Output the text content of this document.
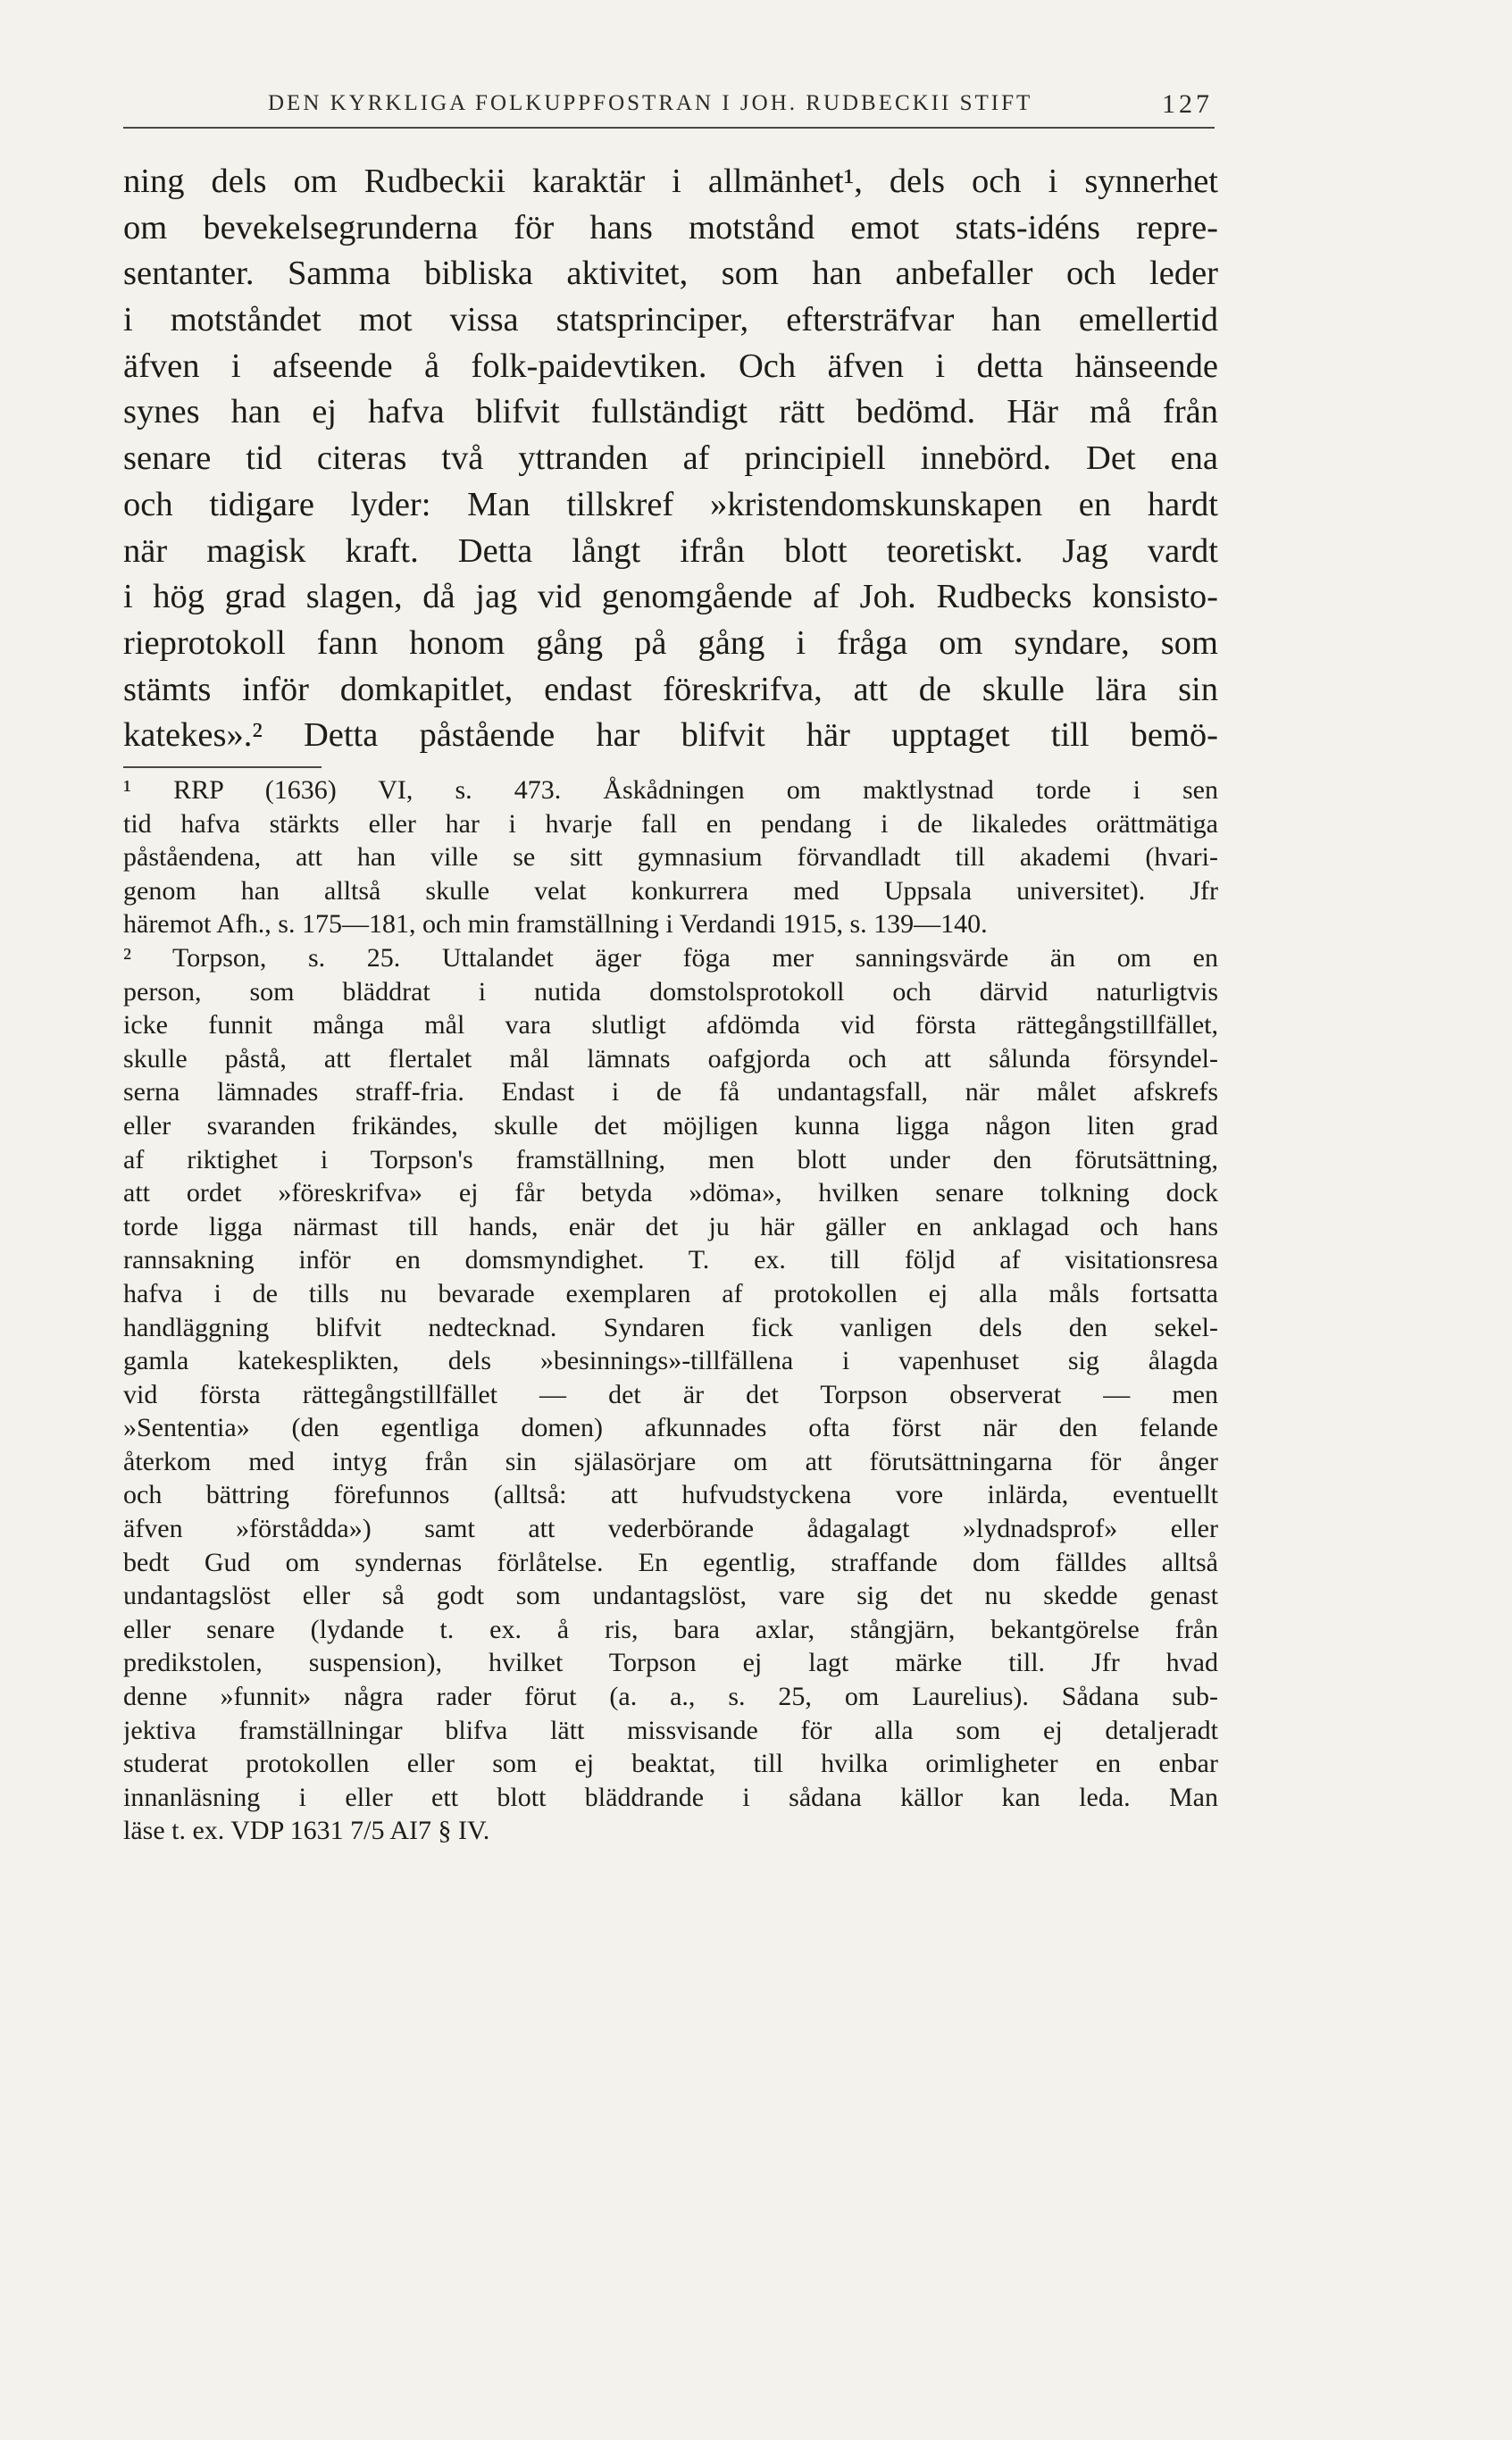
DEN KYRKLIGA FOLKUPPFOSTRAN I JOH. RUDBECKII STIFT	127
ning dels om Rudbeckii karaktär i allmänhet¹, dels och i synnerhet
om bevekelsegrunderna för hans motstånd emot stats-idéns repre-
sentanter. Samma bibliska aktivitet, som han anbefaller och leder
i motståndet mot vissa statsprinciper, eftersträfvar han emellertid
äfven i afseende å folk-paidevtiken. Och äfven i detta hänseende
synes han ej hafva blifvit fullständigt rätt bedömd. Här må från
senare tid citeras två yttranden af principiell innebörd. Det ena
och tidigare lyder: Man tillskref »kristendomskunskapen en hardt
när magisk kraft. Detta långt ifrån blott teoretiskt. Jag vardt
i hög grad slagen, då jag vid genomgående af Joh. Rudbecks konsisto-
rieprotokoll fann honom gång på gång i fråga om syndare, som
stämts inför domkapitlet, endast föreskrifva, att de skulle lära sin
katekes».² Detta påstående har blifvit här upptaget till bemö-
¹ RRP (1636) VI, s. 473. Åskådningen om maktlystnad torde i sen
tid hafva stärkts eller har i hvarje fall en pendang i de likaledes orättmätiga
påståendena, att han ville se sitt gymnasium förvandladt till akademi (hvari-
genom han alltså skulle velat konkurrera med Uppsala universitet). Jfr
häremot Afh., s. 175—181, och min framställning i Verdandi 1915, s. 139—140.
² Torpson, s. 25. Uttalandet äger föga mer sanningsvärde än om en
person, som bläddrat i nutida domstolsprotokoll och därvid naturligtvis
icke funnit många mål vara slutligt afdömda vid första rättegångstillfället,
skulle påstå, att flertalet mål lämnats oafgjorda och att sålunda försyndel-
serna lämnades straff-fria. Endast i de få undantagsfall, när målet afskrefs
eller svaranden frikändes, skulle det möjligen kunna ligga någon liten grad
af riktighet i Torpson's framställning, men blott under den förutsättning,
att ordet »föreskrifva» ej får betyda »döma», hvilken senare tolkning dock
torde ligga närmast till hands, enär det ju här gäller en anklagad och hans
rannsakning inför en domsmyndighet. T. ex. till följd af visitationsresa
hafva i de tills nu bevarade exemplaren af protokollen ej alla måls fortsatta
handläggning blifvit nedtecknad. Syndaren fick vanligen dels den sekel-
gamla katekesplikten, dels »besinnings»-tillfällena i vapenhuset sig ålagda
vid första rättegångstillfället — det är det Torpson observerat — men
»Sententia» (den egentliga domen) afkunnades ofta först när den felande
återkom med intyg från sin själasörjare om att förutsättningarna för ånger
och bättring förefunnos (alltså: att hufvudstyckena vore inlärda, eventuellt
äfven »förstådda») samt att vederbörande ådagalagt »lydnadsprof» eller
bedt Gud om syndernas förlåtelse. En egentlig, straffande dom fälldes alltså
undantagslöst eller så godt som undantagslöst, vare sig det nu skedde genast
eller senare (lydande t. ex. å ris, bara axlar, stångjärn, bekantgörelse från
predikstolen, suspension), hvilket Torpson ej lagt märke till. Jfr hvad
denne »funnit» några rader förut (a. a., s. 25, om Laurelius). Sådana sub-
jektiva framställningar blifva lätt missvisande för alla som ej detaljeradt
studerat protokollen eller som ej beaktat, till hvilka orimligheter en enbar
innanläsning i eller ett blott bläddrande i sådana källor kan leda. Man
läse t. ex. VDP 1631 7/5 AI7 § IV.
